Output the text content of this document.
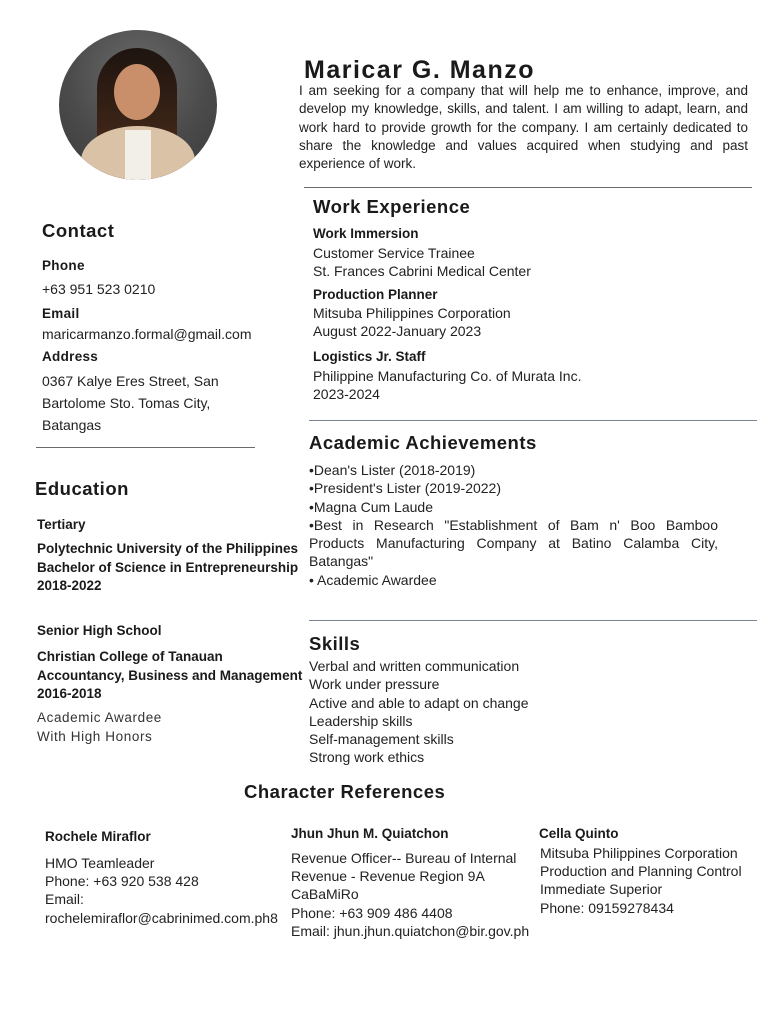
Maricar G. Manzo
I am seeking for a company that will help me to enhance, improve, and develop my knowledge, skills, and talent. I am willing to adapt, learn, and work hard to provide growth for the company. I am certainly dedicated to share the knowledge and values acquired when studying and past experience of work.
Contact
Phone
+63 951 523 0210
Email
maricarmanzo.formal@gmail.com
Address
0367 Kalye Eres Street, San
Bartolome Sto. Tomas City,
Batangas
Education
Tertiary
Polytechnic University of the Philippines
Bachelor of Science in Entrepreneurship
2018-2022
Senior High School
Christian College of Tanauan
Accountancy, Business and Management
2016-2018
Academic Awardee
With High Honors
Work Experience
Work Immersion
Customer Service Trainee
St. Frances Cabrini Medical Center
Production Planner
Mitsuba Philippines Corporation
August 2022-January 2023
Logistics Jr. Staff
Philippine Manufacturing Co. of Murata Inc.
2023-2024
Academic Achievements
•Dean's Lister (2018-2019)
•President's Lister (2019-2022)
•Magna Cum Laude
•Best in Research "Establishment of Bam n' Boo Bamboo Products Manufacturing Company at Batino Calamba City, Batangas"
• Academic Awardee
Skills
Verbal and written communication
Work under pressure
Active and able to adapt on change
Leadership skills
Self-management skills
Strong work ethics
Character References
Rochele Miraflor
HMO Teamleader
Phone: +63 920 538 428
Email:
rochelemiraflor@cabrinimed.com.ph8
Jhun Jhun M. Quiatchon
Revenue Officer-- Bureau of Internal
Revenue - Revenue Region 9A
CaBaMiRo
Phone: +63 909 486 4408
Email: jhun.jhun.quiatchon@bir.gov.ph
Cella Quinto
Mitsuba Philippines Corporation
Production and Planning Control
Immediate Superior
Phone: 09159278434
